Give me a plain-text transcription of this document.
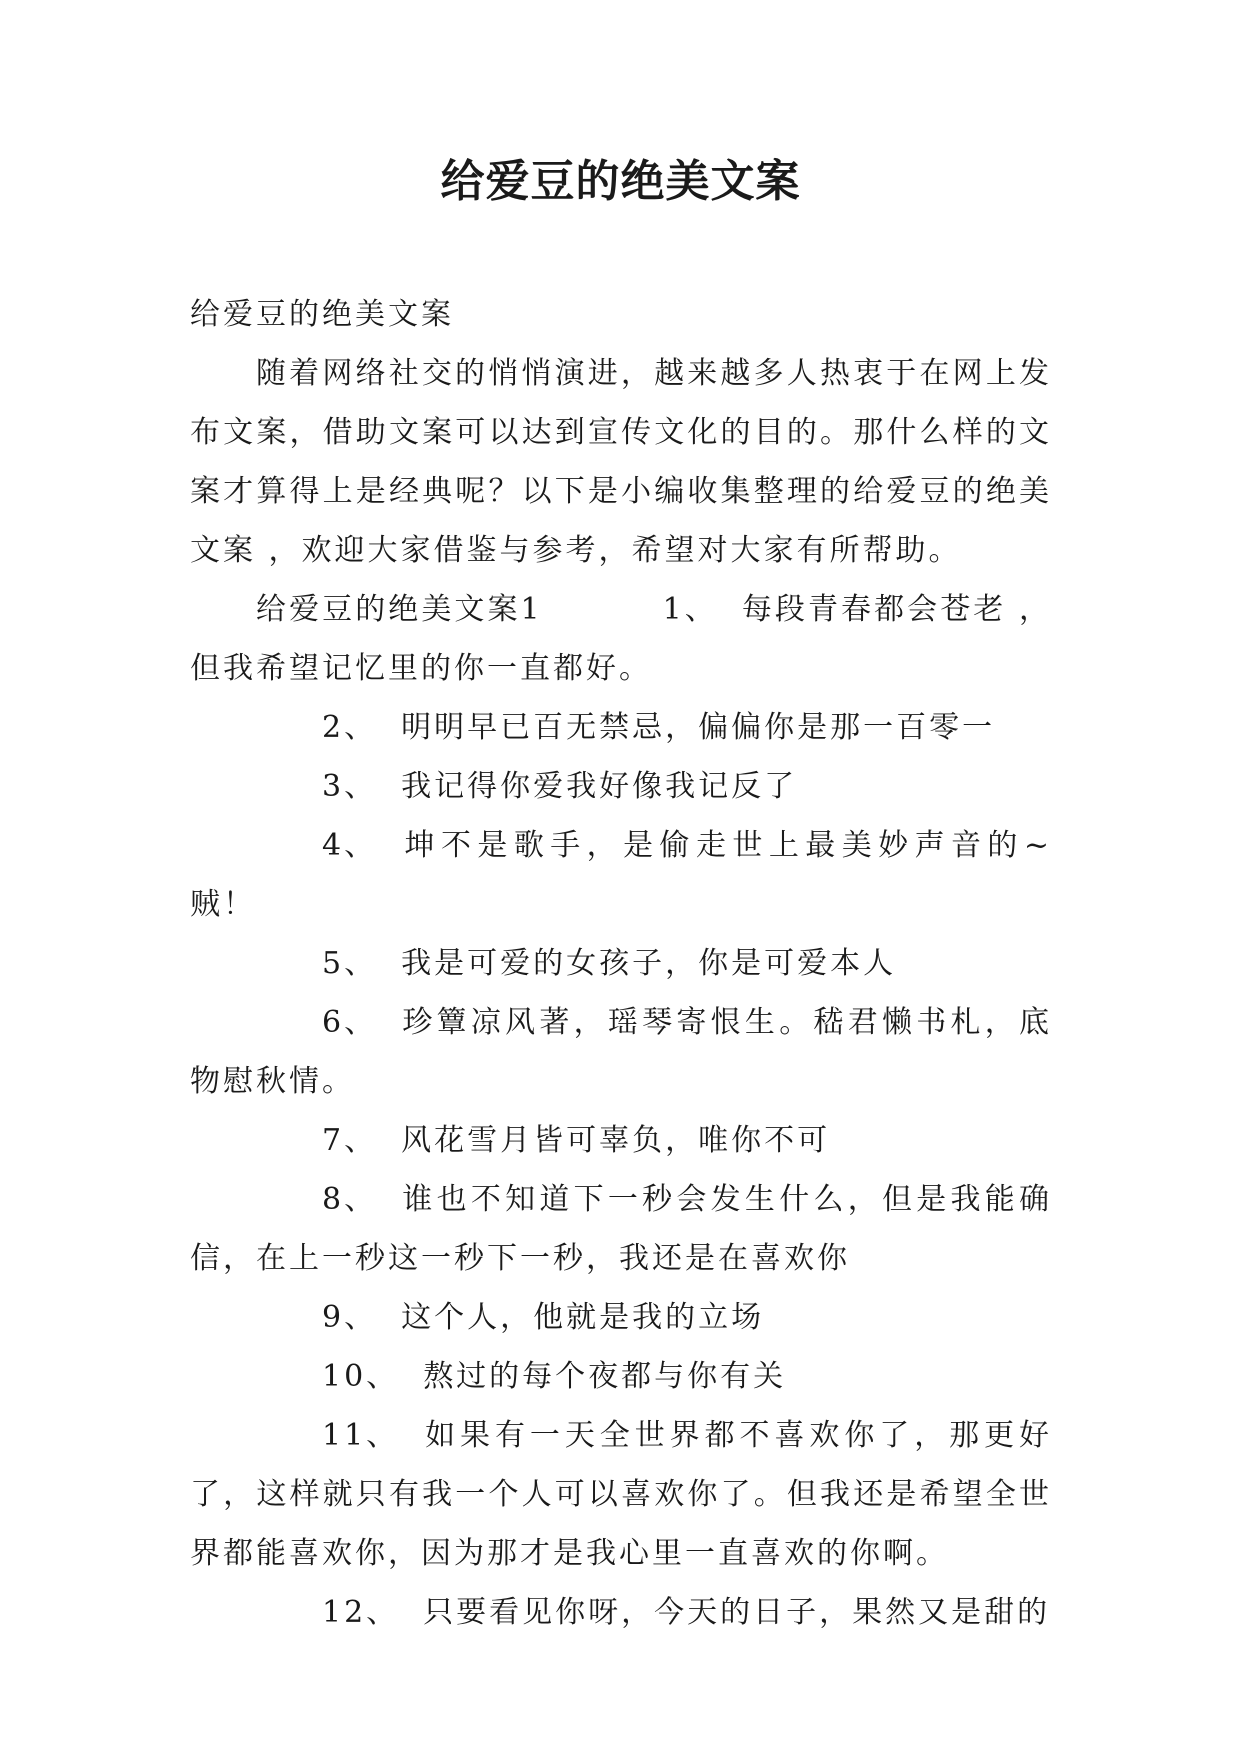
给爱豆的绝美文案

给爱豆的绝美文案

随着网络社交的悄悄演进，越来越多人热衷于在网上发布文案，借助文案可以达到宣传文化的目的。那什么样的文案才算得上是经典呢？以下是小编收集整理的给爱豆的绝美文案 ，欢迎大家借鉴与参考，希望对大家有所帮助。

给爱豆的绝美文案1	1、 每段青春都会苍老 ，但我希望记忆里的你一直都好。

2、 明明早已百无禁忌，偏偏你是那一百零一

3、 我记得你爱我好像我记反了

4、 坤不是歌手，是偷走世上最美妙声音的~贼！

5、 我是可爱的女孩子，你是可爱本人

6、 珍簟凉风著，瑶琴寄恨生。嵇君懒书札，底物慰秋情。

7、 风花雪月皆可辜负，唯你不可

8、 谁也不知道下一秒会发生什么，但是我能确信，在上一秒这一秒下一秒，我还是在喜欢你

9、 这个人，他就是我的立场

10、 熬过的每个夜都与你有关

11、 如果有一天全世界都不喜欢你了，那更好了，这样就只有我一个人可以喜欢你了。但我还是希望全世界都能喜欢你，因为那才是我心里一直喜欢的你啊。

12、 只要看见你呀，今天的日子，果然又是甜的
